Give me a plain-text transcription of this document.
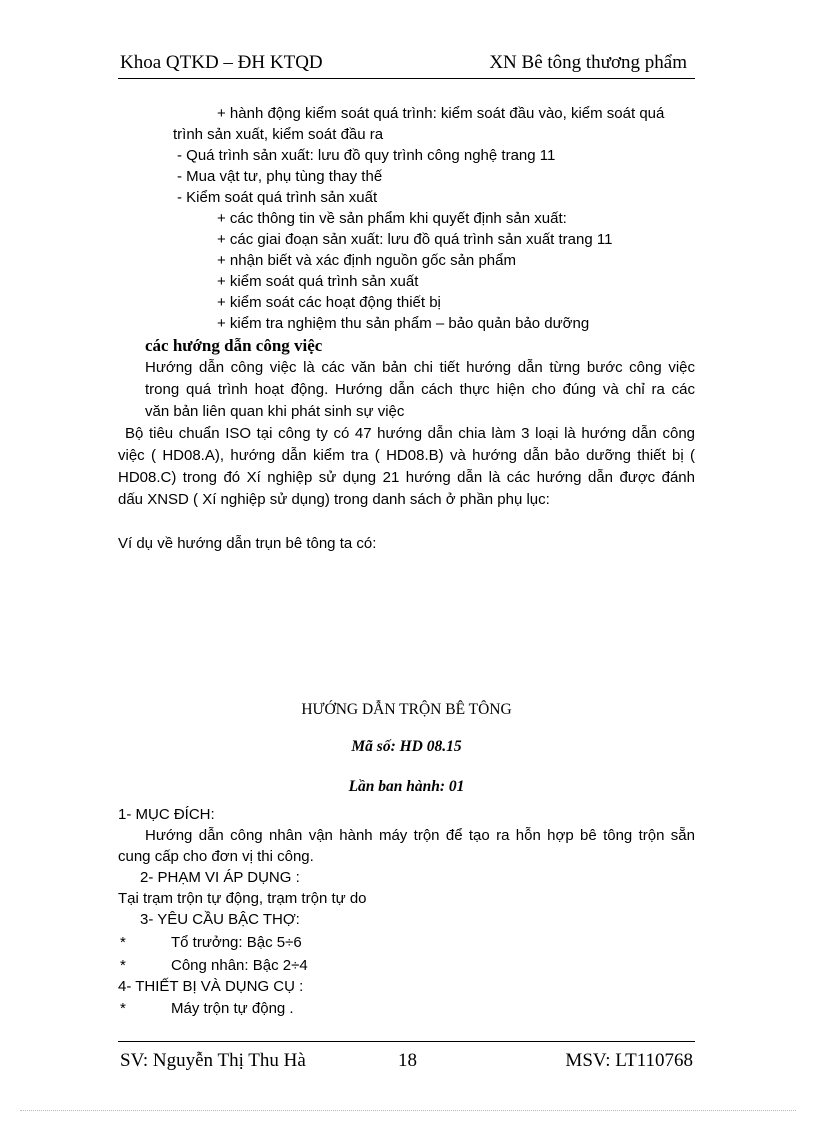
Khoa QTKD – ĐH KTQD	XN Bê tông thương phẩm
+ hành động kiểm soát quá trình: kiểm soát đầu vào, kiểm soát quá
trình sản xuất, kiểm soát đầu ra
- Quá trình sản xuất: lưu đồ quy trình công nghệ trang 11
- Mua vật tư, phụ tùng thay thế
- Kiểm soát quá trình sản xuất
+ các thông tin về sản phẩm khi quyết định sản xuất:
+ các giai đoạn sản xuất: lưu đồ quá trình sản xuất trang 11
+ nhận biết và xác định nguồn gốc sản phẩm
+ kiểm soát quá trình sản xuất
+ kiểm soát các hoạt động thiết bị
+ kiểm tra nghiệm thu sản phẩm – bảo quản bảo dưỡng
các hướng dẫn công việc
Hướng dẫn công việc là các văn bản chi tiết hướng dẫn từng bước công việc
trong quá trình hoạt động. Hướng dẫn cách thực hiện cho đúng và chỉ ra các
văn bản liên quan khi phát sinh sự việc
Bộ tiêu chuẩn ISO tại công ty có 47 hướng dẫn chia làm 3 loại là hướng dẫn công
việc ( HD08.A), hướng dẫn kiểm tra ( HD08.B) và hướng dẫn bảo dưỡng thiết bị (
HD08.C) trong đó Xí nghiệp sử dụng 21 hướng dẫn là các hướng dẫn được đánh
dấu XNSD ( Xí nghiệp sử dụng) trong danh sách ở phần phụ lục:
Ví dụ về hướng dẫn trụn bê tông ta có:
HƯỚNG DẪN TRỘN BÊ TÔNG
Mã số: HD 08.15
Lần ban hành: 01
1- MỤC ĐÍCH:
Hướng dẫn công nhân vận hành máy trộn để tạo ra hỗn hợp bê tông trộn sẵn
cung cấp cho đơn vị thi công.
2- PHẠM VI ÁP DỤNG :
Tại trạm trộn tự động, trạm trộn tự do
3- YÊU CẦU BẬC THỢ:
*	Tổ trưởng: Bậc 5÷6
*	Công nhân: Bậc 2÷4
4- THIẾT BỊ VÀ DỤNG CỤ :
*	Máy trộn tự động .
SV: Nguyễn Thị Thu Hà	18	MSV: LT110768
